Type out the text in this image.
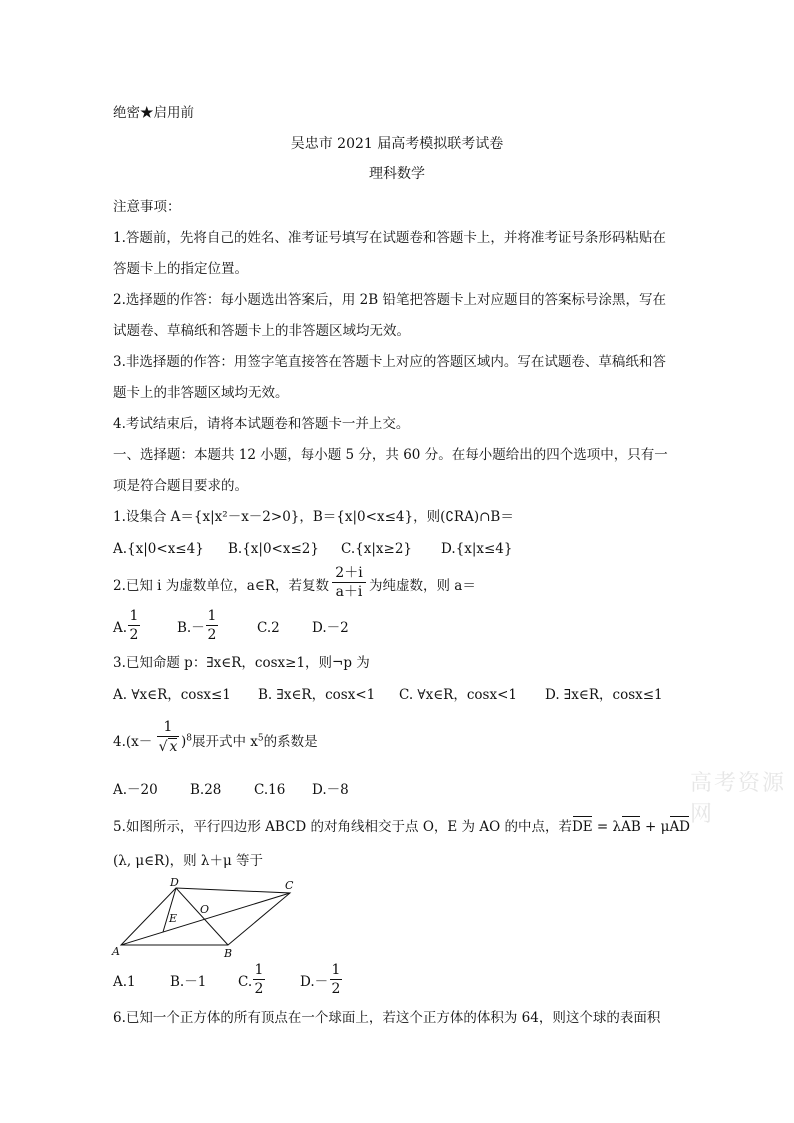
绝密★启用前
吴忠市 2021 届高考模拟联考试卷
理科数学
注意事项：
1.答题前，先将自己的姓名、准考证号填写在试题卷和答题卡上，并将准考证号条形码粘贴在
答题卡上的指定位置。
2.选择题的作答：每小题选出答案后，用 2B 铅笔把答题卡上对应题目的答案标号涂黑，写在
试题卷、草稿纸和答题卡上的非答题区域均无效。
3.非选择题的作答：用签字笔直接答在答题卡上对应的答题区域内。写在试题卷、草稿纸和答
题卡上的非答题区域均无效。
4.考试结束后，请将本试题卷和答题卡一并上交。
一、选择题：本题共 12 小题，每小题 5 分，共 60 分。在每小题给出的四个选项中，只有一
项是符合题目要求的。
1.设集合 A＝{x|x²－x－2>0}，B＝{x|0<x≤4}，则(∁RA)∩B＝
A.{x|0<x≤4} B.{x|0<x≤2} C.{x|x≥2} D.{x|x≤4}
2.已知 i 为虚数单位，a∈R，若复数
2＋i
a＋i 为纯虚数，则 a＝
A.
1
2	B.－
1
2	C.2 D.－2
3.已知命题 p：∃x∈R，cosx≥1，则¬p 为
A. ∀x∈R，cosx≤1 B. ∃x∈R，cosx<1 C. ∀x∈R，cosx<1 D. ∃x∈R，cosx≤1
4.(x－
1
√ x )$^8$展开式中 $x^5$的系数是
A.－20 B.28 C.16 D.－8	高考资源网
5.如图所示，平行四边形 ABCD 的对角线相交于点 O，E 为 AO 的中点，若DE = λAB + μAD
(λ, μ∈R)，则 λ＋μ 等于
A	B
C
D
E
O
A.1	B.－1 C.
1
2	D.－
1
2
6.已知一个正方体的所有顶点在一个球面上，若这个正方体的体积为 64，则这个球的表面积
